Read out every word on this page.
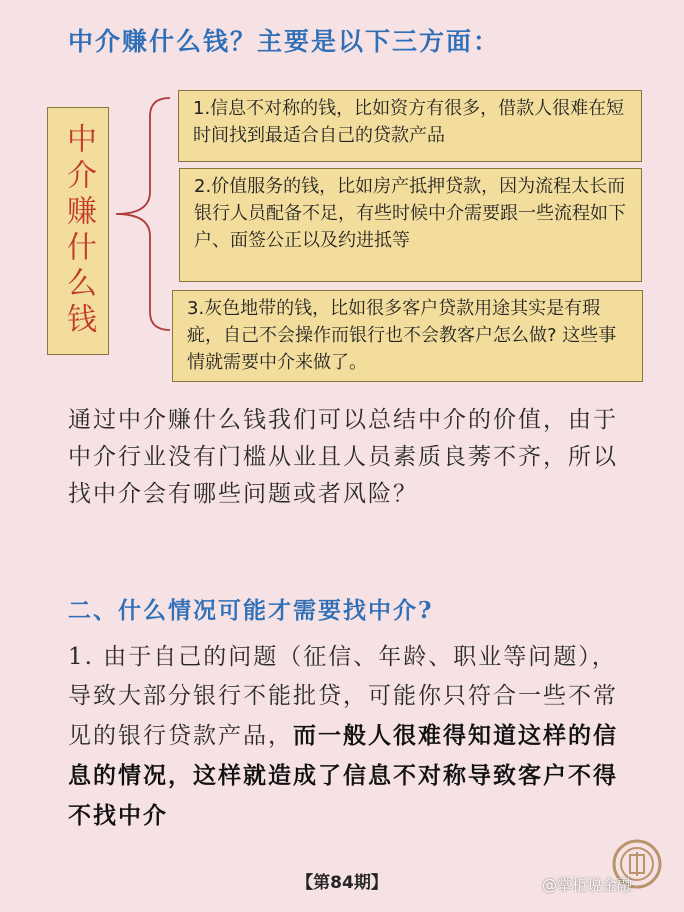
中介赚什么钱？主要是以下三方面：
中介赚什么钱
1.信息不对称的钱，比如资方有很多，借款人很难在短时间找到最适合自己的贷款产品
2.价值服务的钱，比如房产抵押贷款，因为流程太长而银行人员配备不足，有些时候中介需要跟一些流程如下户、面签公正以及约进抵等
3.灰色地带的钱，比如很多客户贷款用途其实是有瑕疵，自己不会操作而银行也不会教客户怎么做? 这些事情就需要中介来做了。
通过中介赚什么钱我们可以总结中介的价值，由于中介行业没有门槛从业且人员素质良莠不齐，所以找中介会有哪些问题或者风险？
二、什么情况可能才需要找中介?
1. 由于自己的问题（征信、年龄、职业等问题），导致大部分银行不能批贷，可能你只符合一些不常见的银行贷款产品，而一般人很难得知道这样的信息的情况，这样就造成了信息不对称导致客户不得不找中介
【第84期】	@掌柜说金融
